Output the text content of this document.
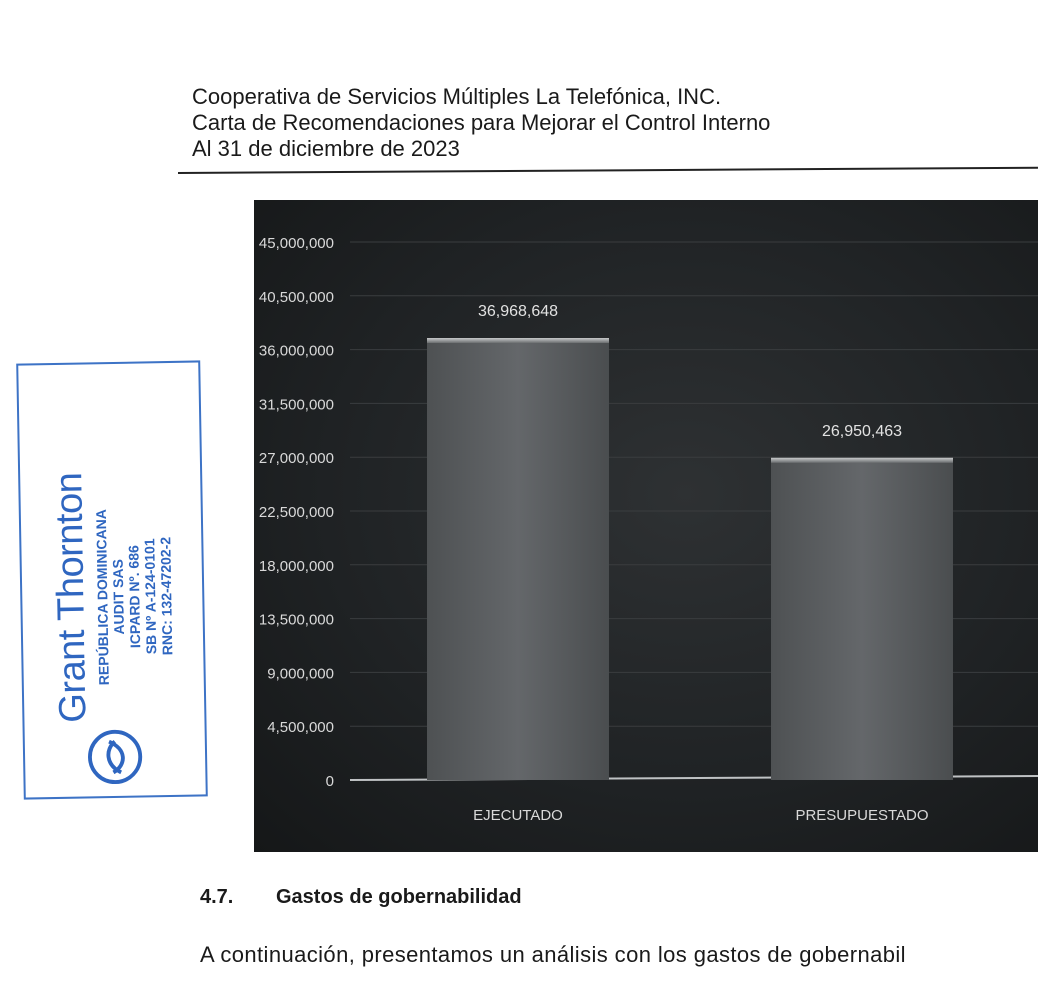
Cooperativa de Servicios Múltiples La Telefónica, INC.
Carta de Recomendaciones para Mejorar el Control Interno
Al 31 de diciembre de 2023
0
4,500,000
9,000,000
13,500,000
18,000,000
22,500,000
27,000,000
31,500,000
36,000,000
40,500,000
45,000,000
36,968,648
EJECUTADO
26,950,463
PRESUPUESTADO
Grant Thornton
REPÚBLICA DOMINICANA
AUDIT SAS
ICPARD Nº. 686
SB Nº A-124-0101
RNC: 132-47202-2
4.7. Gastos de gobernabilidad
A continuación, presentamos un análisis con los gastos de gobernabil
